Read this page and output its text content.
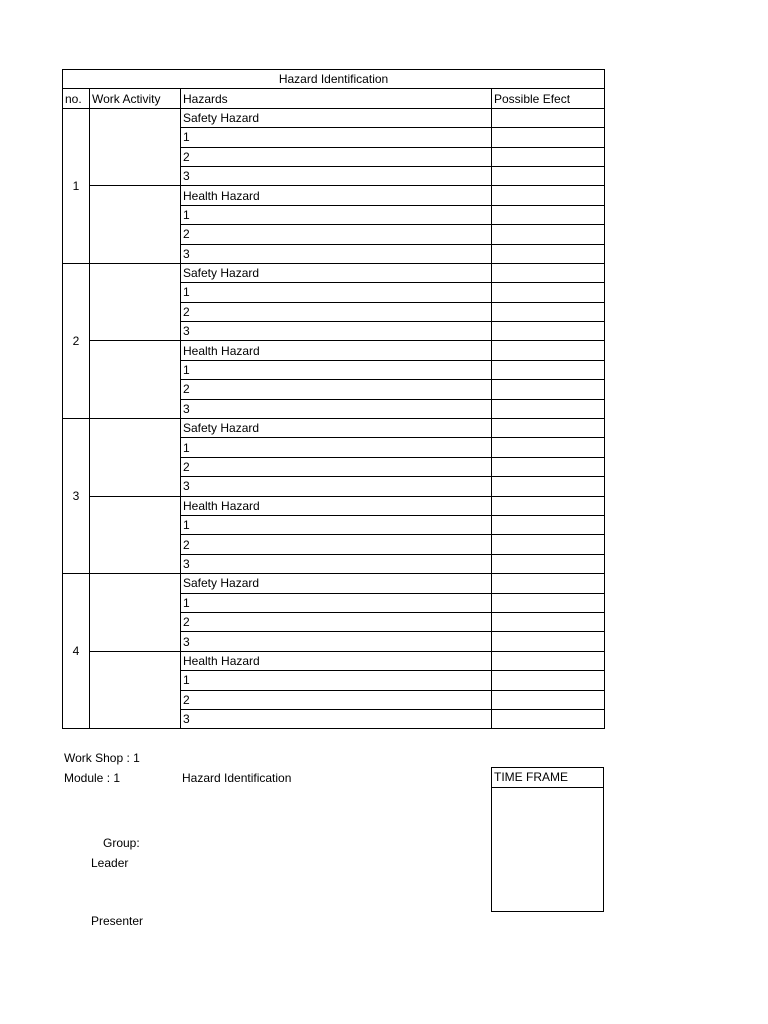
Hazard Identification			
no.	Work Activity	Hazards	Possible Efect
1		Safety Hazard	
		1	
		2	
		3	
		Health Hazard	
		1	
		2	
		3	
2		Safety Hazard	
		1	
		2	
		3	
		Health Hazard	
		1	
		2	
		3	
3		Safety Hazard	
		1	
		2	
		3	
		Health Hazard	
		1	
		2	
		3	
4		Safety Hazard	
		1	
		2	
		3	
		Health Hazard	
		1	
		2	
		3	
Work Shop : 1
Module : 1	Hazard Identification
Group:
Leader
Presenter
TIME FRAME
